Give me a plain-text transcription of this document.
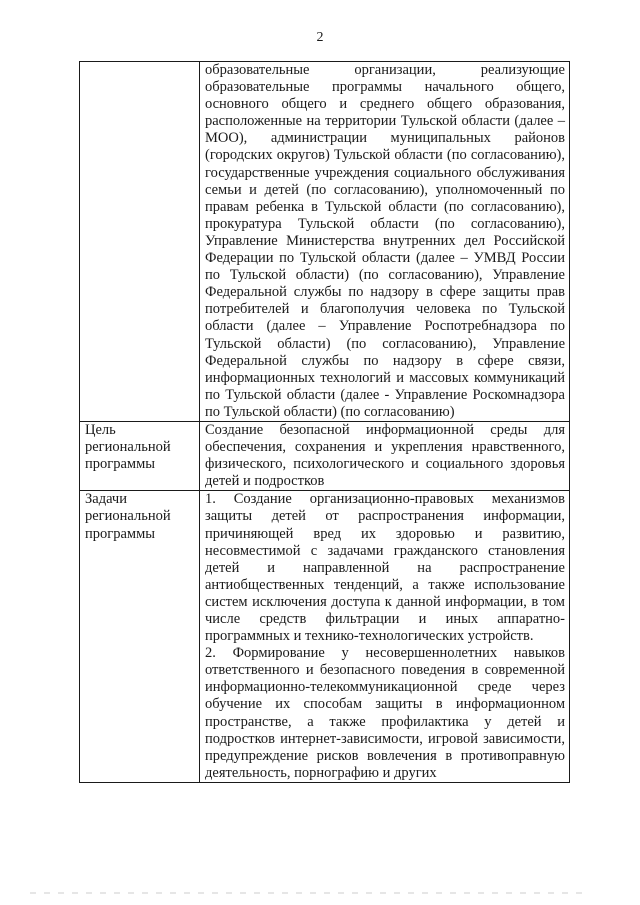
2
	образовательные организации, реализующие образовательные программы начального общего, основного общего и среднего общего образования, расположенные на территории Тульской области (далее – МОО), администрации муниципальных районов (городских округов) Тульской области (по согласованию), государственные учреждения социального обслуживания семьи и детей (по согласованию), уполномоченный по правам ребенка в Тульской области (по согласованию), прокуратура Тульской области (по согласованию), Управление Министерства внутренних дел Российской Федерации по Тульской области (далее – УМВД России по Тульской области) (по согласованию), Управление Федеральной службы по надзору в сфере защиты прав потребителей и благополучия человека по Тульской области (далее – Управление Роспотребнадзора по Тульской области) (по согласованию), Управление Федеральной службы по надзору в сфере связи, информационных технологий и массовых коммуникаций по Тульской области (далее - Управление Роскомнадзора по Тульской области) (по согласованию)
Цель региональной программы	Создание безопасной информационной среды для обеспечения, сохранения и укрепления нравственного, физического, психологического и социального здоровья детей и подростков
Задачи региональной программы	1. Создание организационно-правовых механизмов защиты детей от распространения информации, причиняющей вред их здоровью и развитию, несовместимой с задачами гражданского становления детей и направленной на распространение антиобщественных тенденций, а также использование систем исключения доступа к данной информации, в том числе средств фильтрации и иных аппаратно-программных и технико-технологических устройств.

2. Формирование у несовершеннолетних навыков ответственного и безопасного поведения в современной информационно-телекоммуникационной среде через обучение их способам защиты в информационном пространстве, а также профилактика у детей и подростков интернет-зависимости, игровой зависимости, предупреждение рисков вовлечения в противоправную деятельность, порнографию и других
